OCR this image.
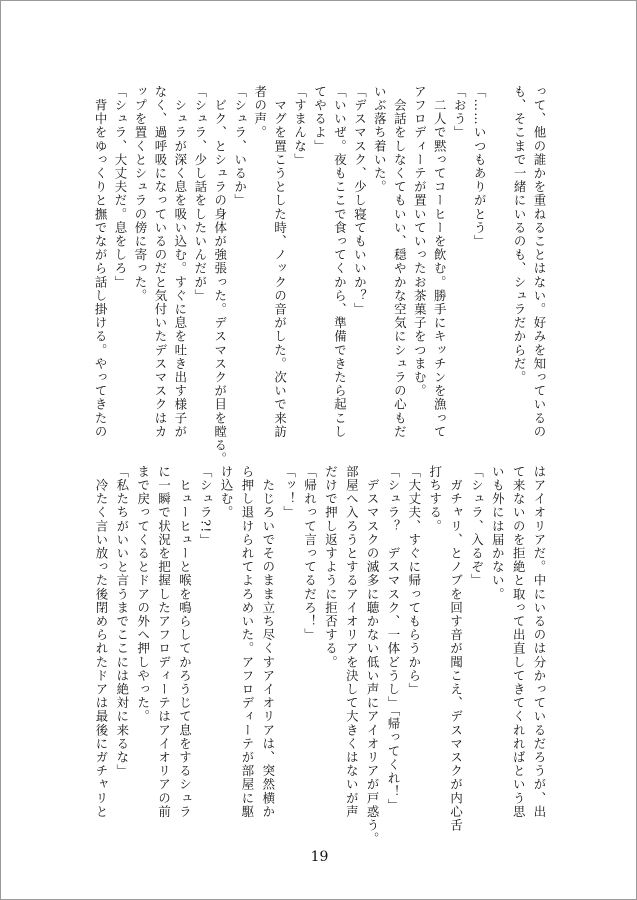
って、他の誰かを重ねることはない。好みを知っているの
も、そこまで一緒にいるのも、シュラだからだ。
「……いつもありがとう」
「おう」
　二人で黙ってコーヒーを飲む。勝手にキッチンを漁って
アフロディーテが置いていったお茶菓子をつまむ。
　会話をしなくてもいい、穏やかな空気にシュラの心もだ
いぶ落ち着いた。
「デスマスク、少し寝てもいいか？」
「いいぜ。夜もここで食ってくから、準備できたら起こし
てやるよ」
「すまんな」
　マグを置こうとした時、ノックの音がした。次いで来訪
者の声。
「シュラ、いるか」
　ビク、とシュラの身体が強張った。デスマスクが目を瞠る。
「シュラ、少し話をしたいんだが」
　シュラが深く息を吸い込む。すぐに息を吐き出す様子が
なく、過呼吸になっているのだと気付いたデスマスクはカ
ップを置くとシュラの傍に寄った。
「シュラ、大丈夫だ。息をしろ」
　背中をゆっくりと撫でながら話し掛ける。やってきたの
はアイオリアだ。中にいるのは分かっているだろうが、出
て来ないのを拒絶と取って出直してきてくれればという思
いも外には届かない。
「シュラ、入るぞ」
　ガチャリ、とノブを回す音が聞こえ、デスマスクが内心舌
打ちする。
「大丈夫、すぐに帰ってもらうから」
「シュラ？　デスマスク、一体どうし」「帰ってくれ！」
　デスマスクの滅多に聴かない低い声にアイオリアが戸惑う。
部屋へ入ろうとするアイオリアを決して大きくはないが声
だけで押し返すように拒否する。
「帰れって言ってるだろ！」
「ッ！」
　たじろいでそのまま立ち尽くすアイオリアは、突然横か
ら押し退けられてよろめいた。アフロディーテが部屋に駆
け込む。
「シュラ?!」
　ヒューヒューと喉を鳴らしてかろうじて息をするシュラ
に一瞬で状況を把握したアフロディーテはアイオリアの前
まで戻ってくるとドアの外へ押しやった。
「私たちがいいと言うまでここには絶対に来るな」
　冷たく言い放った後閉められたドアは最後にガチャリと
19
